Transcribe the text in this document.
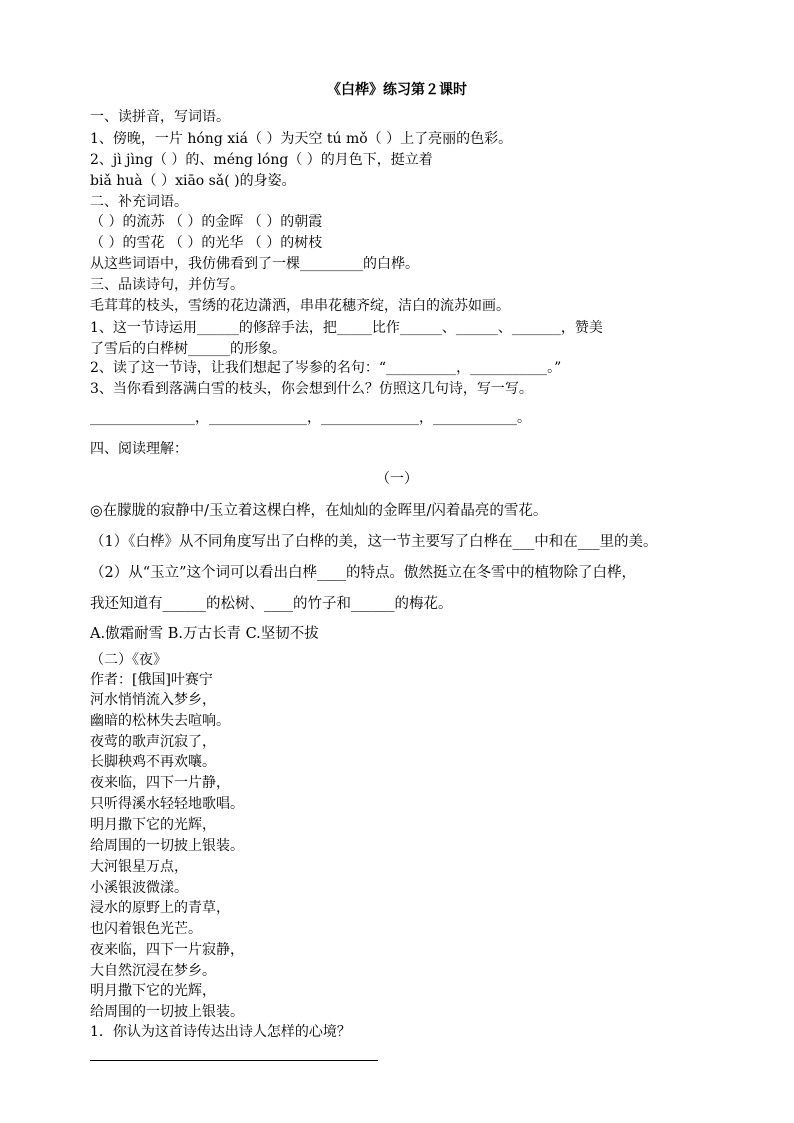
《白桦》练习第２课时
一、读拼音，写词语。
1、傍晚，一片 hóng xiá（ ）为天空 tú mǒ（ ）上了亮丽的色彩。
2、jì jìng（ ）的、méng lóng（ ）的月色下，挺立着
biǎ huà（ ）xiāo sǎ( )的身姿。
二、补充词语。
（ ）的流苏 （ ）的金晖 （ ）的朝霞
（ ）的雪花 （ ）的光华 （ ）的树枝
从这些词语中，我仿佛看到了一棵_________的白桦。
三、品读诗句，并仿写。
毛茸茸的枝头，雪绣的花边潇洒，串串花穗齐绽，洁白的流苏如画。
1、这一节诗运用______的修辞手法，把_____比作______、______、_______，赞美
了雪后的白桦树______的形象。
2、读了这一节诗，让我们想起了岑参的名句：“__________，___________。”
3、当你看到落满白雪的枝头，你会想到什么？仿照这几句诗，写一写。
_______________，______________，______________，____________。
四、阅读理解：
（一）
◎在朦胧的寂静中/玉立着这棵白桦，在灿灿的金晖里/闪着晶亮的雪花。
（1）《白桦》从不同角度写出了白桦的美，这一节主要写了白桦在___中和在___里的美。
（2）从“玉立”这个词可以看出白桦____的特点。傲然挺立在冬雪中的植物除了白桦，
我还知道有______的松树、____的竹子和______的梅花。
A.傲霜耐雪 B.万古长青 C.坚韧不拔
（二）《夜》
作者：[俄国]叶赛宁
河水悄悄流入梦乡，
幽暗的松林失去喧响。
夜莺的歌声沉寂了，
长脚秧鸡不再欢嚷。
夜来临，四下一片静，
只听得溪水轻轻地歌唱。
明月撒下它的光辉，
给周围的一切披上银装。
大河银星万点，
小溪银波微漾。
浸水的原野上的青草，
也闪着银色光芒。
夜来临，四下一片寂静，
大自然沉浸在梦乡。
明月撒下它的光辉，
给周围的一切披上银装。
1．你认为这首诗传达出诗人怎样的心境？
